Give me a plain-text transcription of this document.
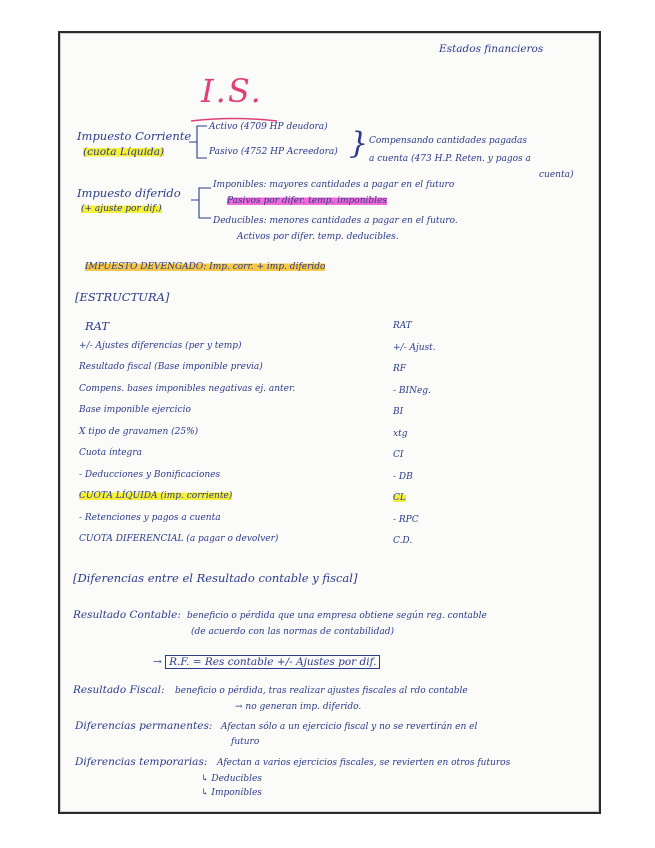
Estados financieros
I.S.
Impuesto Corriente
(cuota Líquida)
Activo (4709 HP deudora)
Pasivo (4752 HP Acreedora) } Compensando cantidades pagadas
a cuenta (473 H.P. Reten. y pagos a
cuenta)
Impuesto diferido
(+ ajuste por dif.)
Imponibles: mayores cantidades a pagar en el futuro
Pasivos por difer. temp. imponibles
Deducibles: menores cantidades a pagar en el futuro.
Activos por difer. temp. deducibles.
IMPUESTO DEVENGADO: Imp. corr. + imp. diferido
[ESTRUCTURA]
RAT	RAT
+/- Ajustes diferencias (per y temp)	+/- Ajust.
Resultado fiscal (Base imponible previa)	RF
Compens. bases imponibles negativas ej. anter.	- BINeg.
Base imponible ejercicio	BI
X tipo de gravamen (25%)	xtg
Cuota íntegra	CI
- Deducciones y Bonificaciones	- DB
CUOTA LÍQUIDA (imp. corriente)	CL
- Retenciones y pagos a cuenta	- RPC
CUOTA DIFERENCIAL (a pagar o devolver)	C.D.
[Diferencias entre el Resultado contable y fiscal]
Resultado Contable: beneficio o pérdida que una empresa obtiene según reg. contable
(de acuerdo con las normas de contabilidad)
→ R.F. = Res contable +/- Ajustes por dif.
Resultado Fiscal: beneficio o pérdida, tras realizar ajustes fiscales al rdo contable
→ no generan imp. diferido.
Diferencias permanentes: Afectan sólo a un ejercicio fiscal y no se revertirán en el
futuro
Diferencias temporarias: Afectan a varios ejercicios fiscales, se revierten en otros futuros
↳ Deducibles
↳ Imponibles
